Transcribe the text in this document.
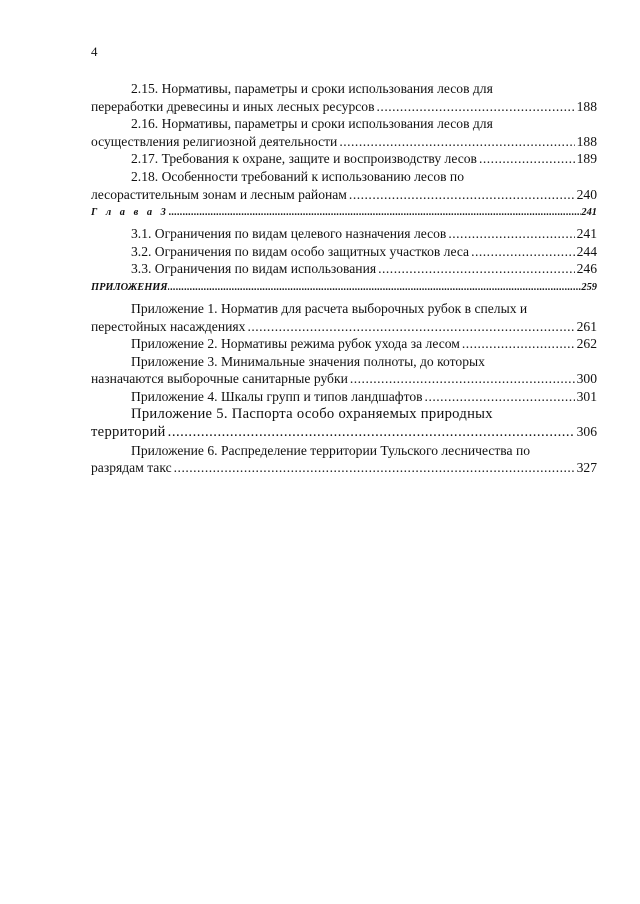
4
2.15. Нормативы, параметры и сроки использования лесов для
переработки древесины и иных лесных ресурсов .....	188
2.16. Нормативы, параметры и сроки использования лесов для
осуществления религиозной деятельности .....	188
2.17. Требования к охране, защите и воспроизводству лесов .....	189
2.18. Особенности требований к использованию лесов по
лесорастительным зонам и лесным районам .....	240
Г л а в а 3 .....	241
3.1. Ограничения по видам целевого назначения лесов .....	241
3.2. Ограничения по видам особо защитных участков леса .....	244
3.3. Ограничения по видам использования .....	246
ПРИЛОЖЕНИЯ .....	259
Приложение 1. Норматив для расчета выборочных рубок в спелых и
перестойных насаждениях .....	261
Приложение 2. Нормативы режима рубок ухода за лесом .....	262
Приложение 3. Минимальные значения полноты, до которых
назначаются выборочные санитарные рубки .....	300
Приложение 4. Шкалы групп и типов ландшафтов .....	301
Приложение 5. Паспорта особо охраняемых природных
территорий .....	306
Приложение 6. Распределение территории Тульского лесничества по
разрядам такс .....	327
